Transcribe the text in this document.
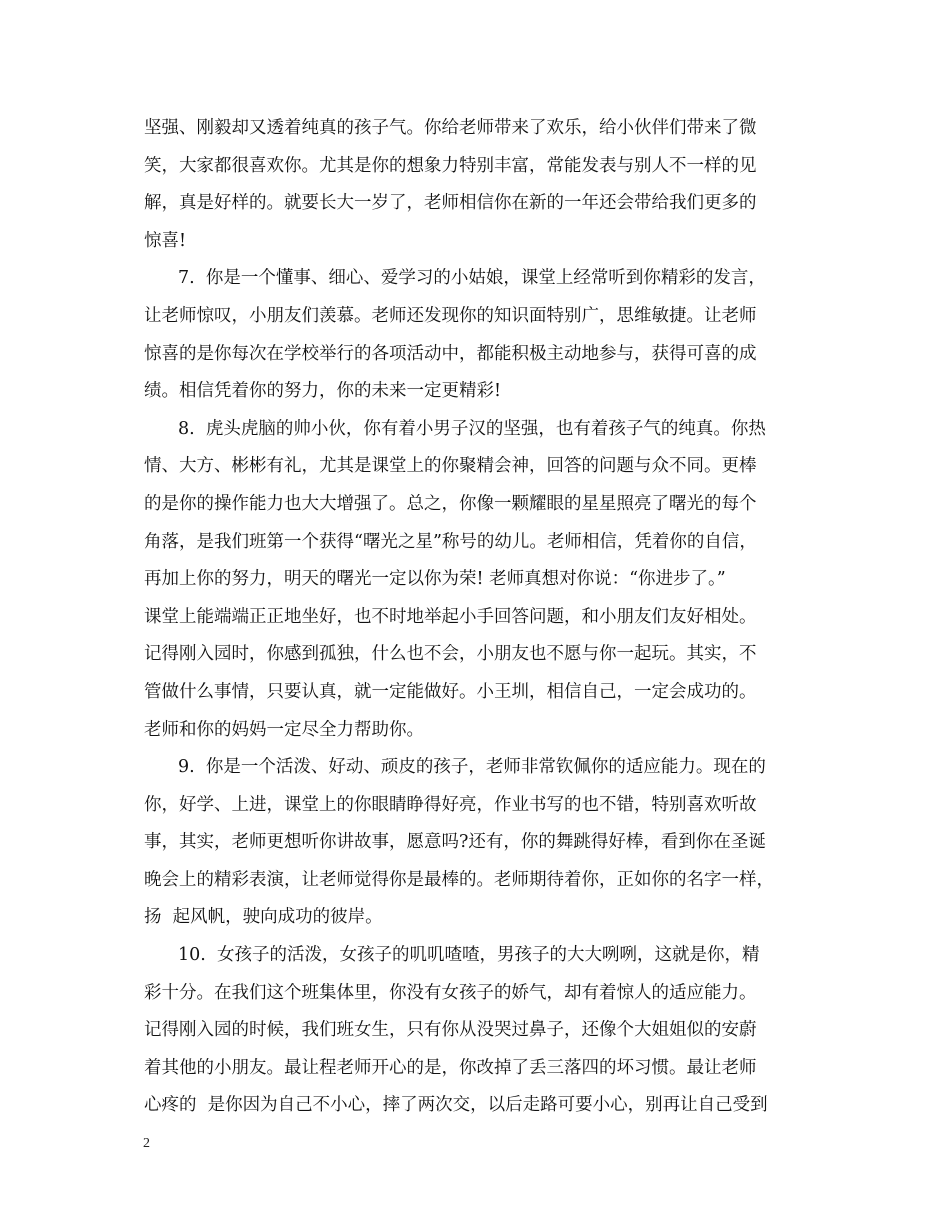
坚强、刚毅却又透着纯真的孩子气。你给老师带来了欢乐，给小伙伴们带来了微
笑，大家都很喜欢你。尤其是你的想象力特别丰富，常能发表与别人不一样的见
解，真是好样的。就要长大一岁了，老师相信你在新的一年还会带给我们更多的
惊喜!
7.  你是一个懂事、细心、爱学习的小姑娘，课堂上经常听到你精彩的发言，
让老师惊叹，小朋友们羡慕。老师还发现你的知识面特别广，思维敏捷。让老师
惊喜的是你每次在学校举行的各项活动中，都能积极主动地参与，获得可喜的成
绩。相信凭着你的努力，你的未来一定更精彩!
8.  虎头虎脑的帅小伙，你有着小男子汉的坚强，也有着孩子气的纯真。你热
情、大方、彬彬有礼，尤其是课堂上的你聚精会神，回答的问题与众不同。更棒
的是你的操作能力也大大增强了。总之，你像一颗耀眼的星星照亮了曙光的每个
角落，是我们班第一个获得“曙光之星”称号的幼儿。老师相信，凭着你的自信，
再加上你的努力，明天的曙光一定以你为荣! 老师真想对你说：“你进步了。”
课堂上能端端正正地坐好，也不时地举起小手回答问题，和小朋友们友好相处。
记得刚入园时，你感到孤独，什么也不会，小朋友也不愿与你一起玩。其实，不
管做什么事情，只要认真，就一定能做好。小王圳，相信自己，一定会成功的。
老师和你的妈妈一定尽全力帮助你。
9.  你是一个活泼、好动、顽皮的孩子，老师非常钦佩你的适应能力。现在的
你，好学、上进，课堂上的你眼睛睁得好亮，作业书写的也不错，特别喜欢听故
事，其实，老师更想听你讲故事，愿意吗?还有，你的舞跳得好棒，看到你在圣诞
晚会上的精彩表演，让老师觉得你是最棒的。老师期待着你，正如你的名字一样，
扬  起风帆，驶向成功的彼岸。
10.  女孩子的活泼，女孩子的叽叽喳喳，男孩子的大大咧咧，这就是你，精
彩十分。在我们这个班集体里，你没有女孩子的娇气，却有着惊人的适应能力。
记得刚入园的时候，我们班女生，只有你从没哭过鼻子，还像个大姐姐似的安蔚
着其他的小朋友。最让程老师开心的是，你改掉了丢三落四的坏习惯。最让老师
心疼的  是你因为自己不小心，摔了两次交，以后走路可要小心，别再让自己受到
2
